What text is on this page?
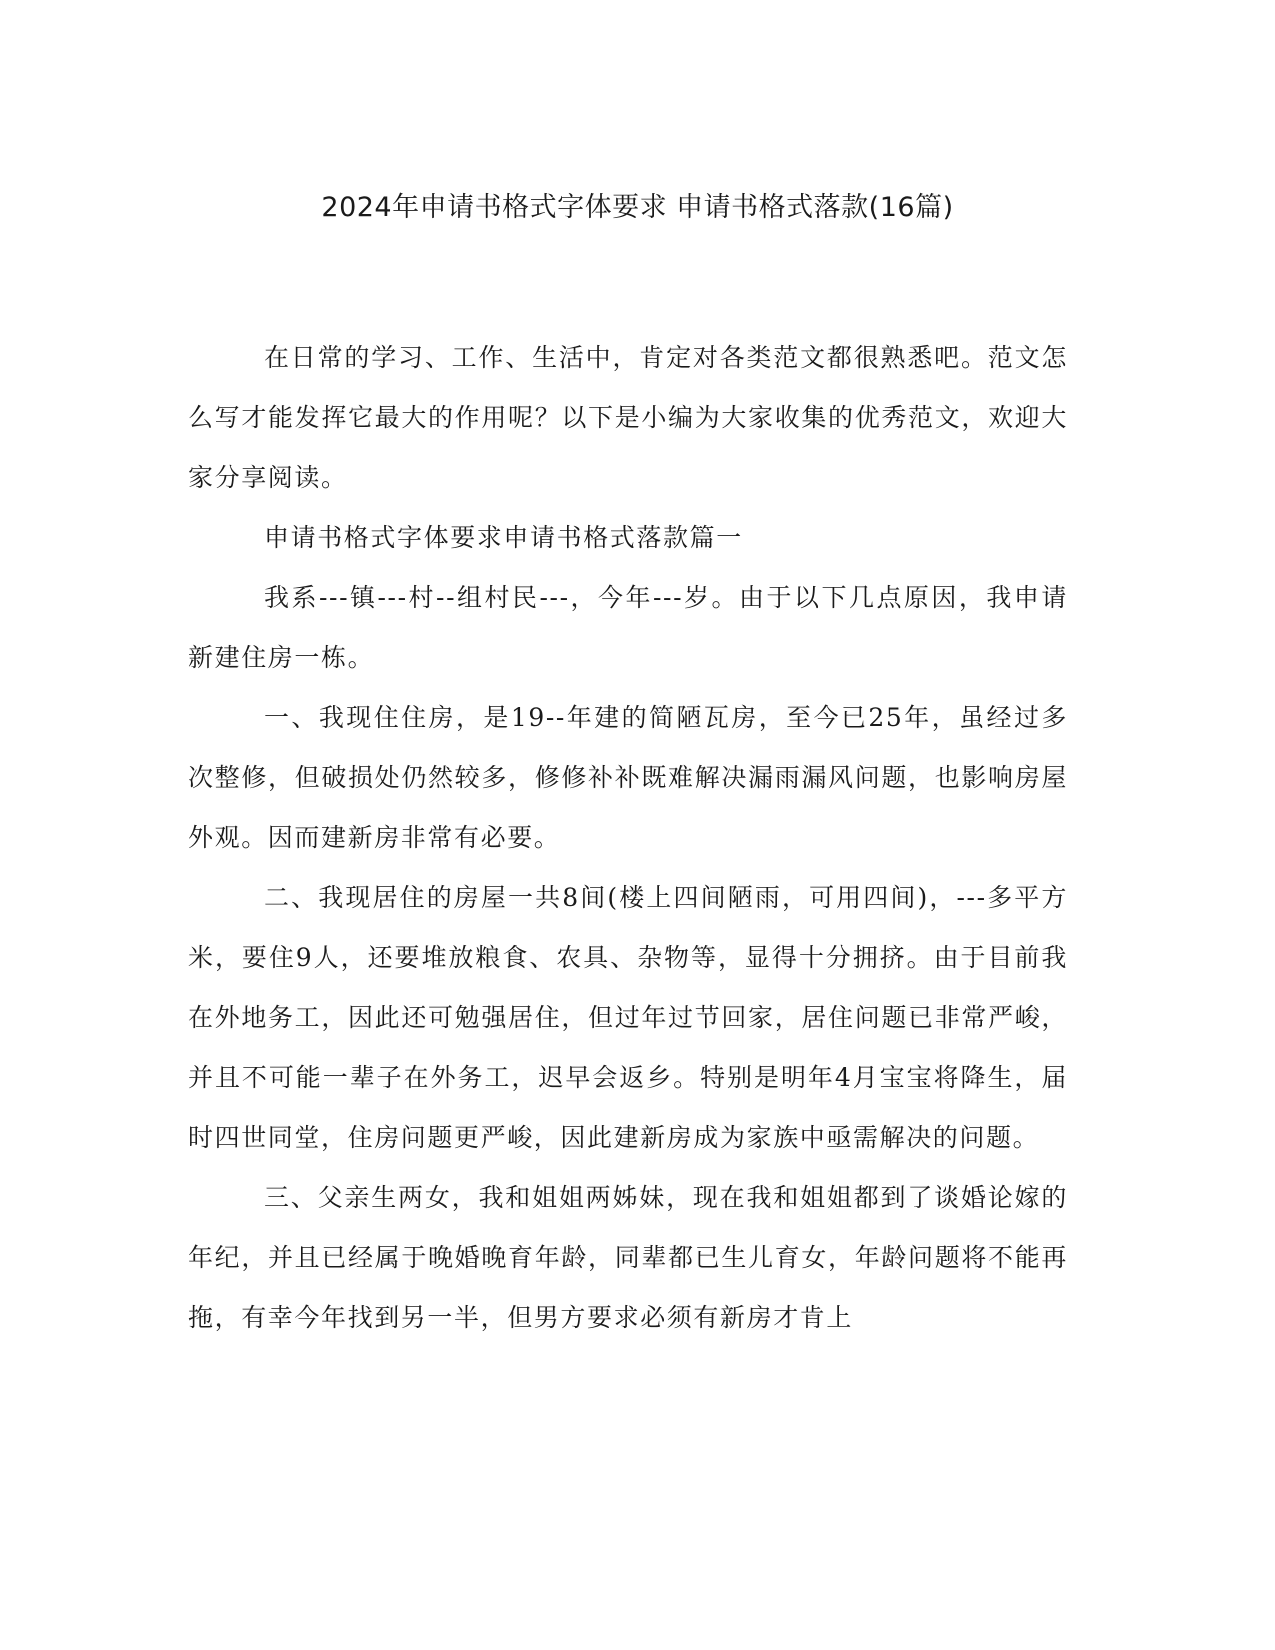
2024年申请书格式字体要求 申请书格式落款(16篇)

在日常的学习、工作、生活中，肯定对各类范文都很熟悉吧。范文怎么写才能发挥它最大的作用呢？以下是小编为大家收集的优秀范文，欢迎大家分享阅读。

申请书格式字体要求申请书格式落款篇一

我系---镇---村--组村民---，今年---岁。由于以下几点原因，我申请新建住房一栋。

一、我现住住房，是19--年建的简陋瓦房，至今已25年，虽经过多次整修，但破损处仍然较多，修修补补既难解决漏雨漏风问题，也影响房屋外观。因而建新房非常有必要。

二、我现居住的房屋一共8间(楼上四间陋雨，可用四间)，---多平方米，要住9人，还要堆放粮食、农具、杂物等，显得十分拥挤。由于目前我在外地务工，因此还可勉强居住，但过年过节回家，居住问题已非常严峻，并且不可能一辈子在外务工，迟早会返乡。特别是明年4月宝宝将降生，届时四世同堂，住房问题更严峻，因此建新房成为家族中亟需解决的问题。

三、父亲生两女，我和姐姐两姊妹，现在我和姐姐都到了谈婚论嫁的年纪，并且已经属于晚婚晚育年龄，同辈都已生儿育女，年龄问题将不能再拖，有幸今年找到另一半，但男方要求必须有新房才肯上
